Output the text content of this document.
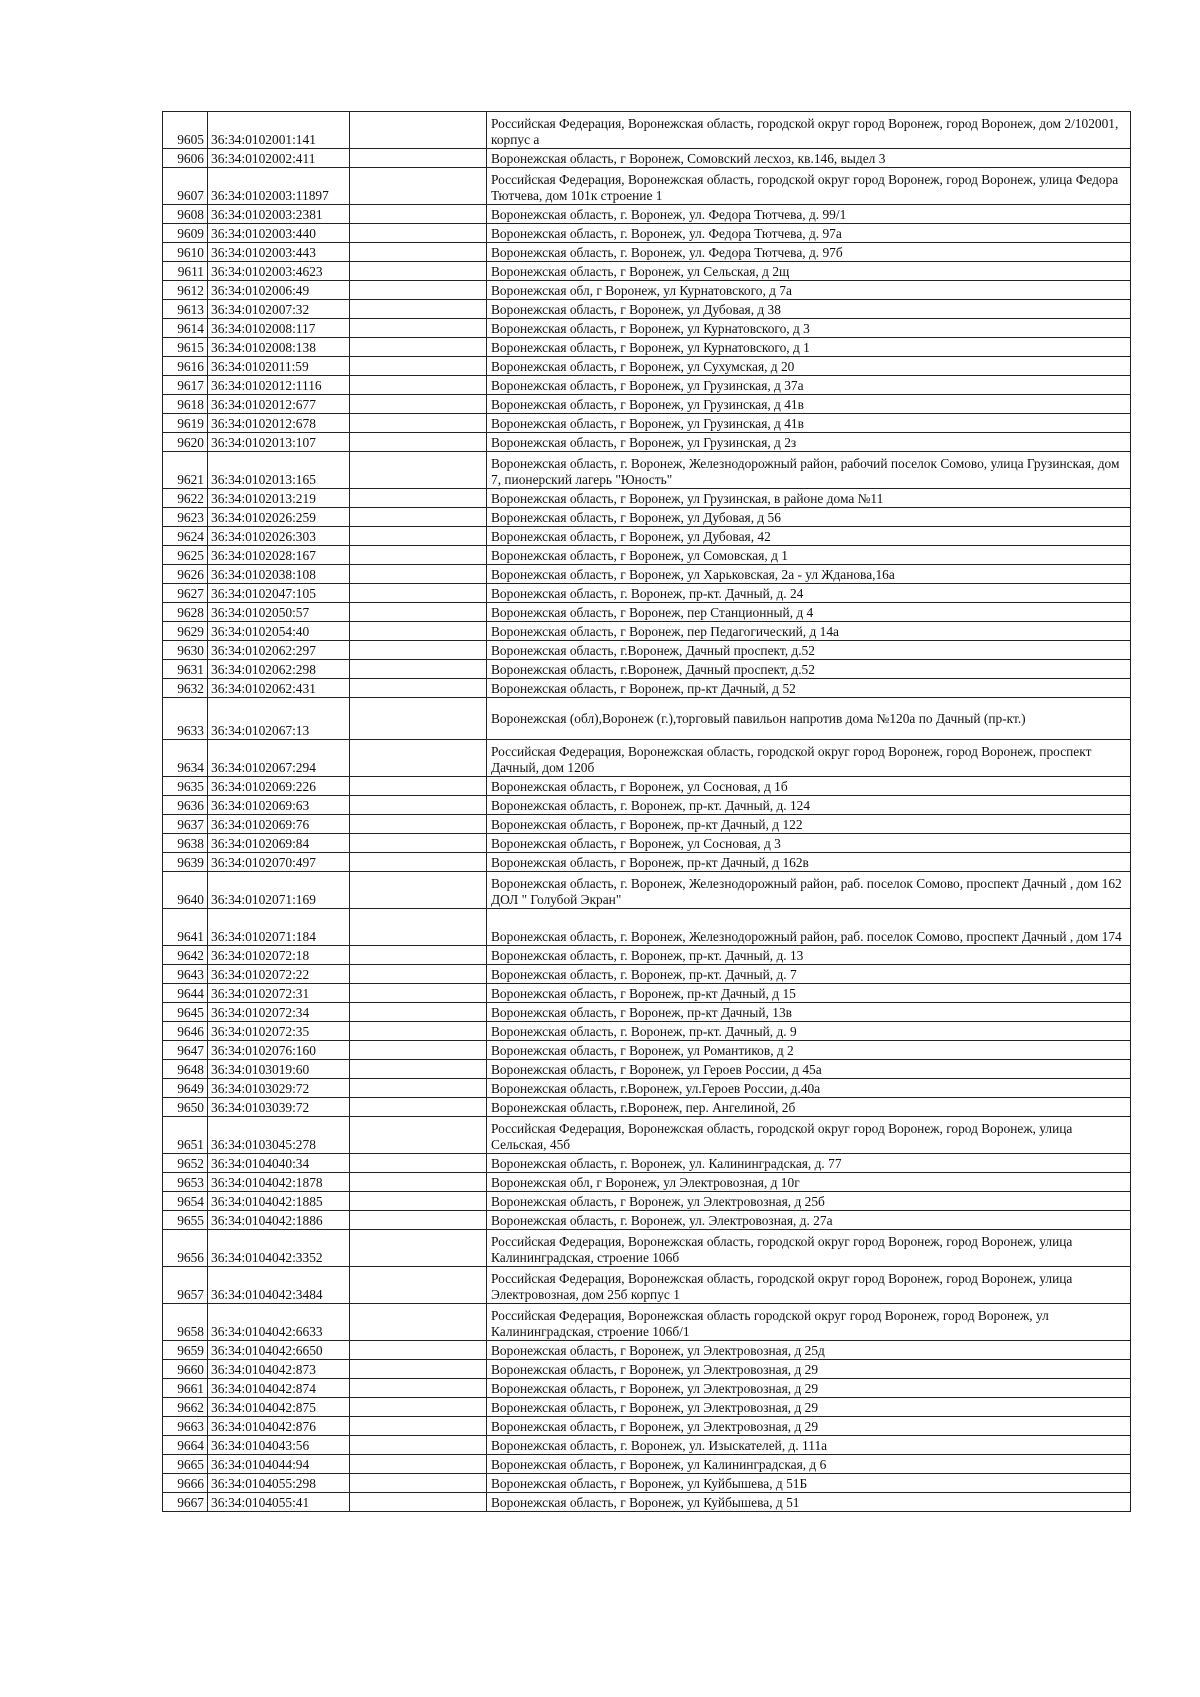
9605	36:34:0102001:141		Российская Федерация, Воронежская область, городской округ город Воронеж, город Воронеж, дом 2/102001, корпус а
9606	36:34:0102002:411		Воронежская область, г Воронеж, Сомовский лесхоз, кв.146, выдел 3
9607	36:34:0102003:11897		Российская Федерация, Воронежская область, городской округ город Воронеж, город Воронеж, улица Федора Тютчева, дом 101к строение 1
9608	36:34:0102003:2381		Воронежская область, г. Воронеж, ул. Федора Тютчева, д. 99/1
9609	36:34:0102003:440		Воронежская область, г. Воронеж, ул. Федора Тютчева, д. 97а
9610	36:34:0102003:443		Воронежская область, г. Воронеж, ул. Федора Тютчева, д. 97б
9611	36:34:0102003:4623		Воронежская область, г Воронеж, ул Сельская, д 2щ
9612	36:34:0102006:49		Воронежская обл, г Воронеж, ул Курнатовского, д 7а
9613	36:34:0102007:32		Воронежская область, г Воронеж, ул Дубовая, д 38
9614	36:34:0102008:117		Воронежская область, г Воронеж, ул Курнатовского, д 3
9615	36:34:0102008:138		Воронежская область, г Воронеж, ул Курнатовского, д 1
9616	36:34:0102011:59		Воронежская область, г Воронеж, ул Сухумская, д 20
9617	36:34:0102012:1116		Воронежская область, г Воронеж, ул Грузинская, д 37а
9618	36:34:0102012:677		Воронежская область, г Воронеж, ул Грузинская, д 41в
9619	36:34:0102012:678		Воронежская область, г Воронеж, ул Грузинская, д 41в
9620	36:34:0102013:107		Воронежская область, г Воронеж, ул Грузинская, д 2з
9621	36:34:0102013:165		Воронежская область, г. Воронеж, Железнодорожный район, рабочий поселок Сомово, улица Грузинская, дом 7, пионерский лагерь "Юность"
9622	36:34:0102013:219		Воронежская область, г Воронеж, ул Грузинская, в районе дома №11
9623	36:34:0102026:259		Воронежская область, г Воронеж, ул Дубовая, д 56
9624	36:34:0102026:303		Воронежская область, г Воронеж, ул Дубовая, 42
9625	36:34:0102028:167		Воронежская область, г Воронеж, ул Сомовская, д 1
9626	36:34:0102038:108		Воронежская область, г Воронеж, ул Харьковская, 2а - ул Жданова,16а
9627	36:34:0102047:105		Воронежская область, г. Воронеж, пр-кт. Дачный, д. 24
9628	36:34:0102050:57		Воронежская область, г Воронеж, пер Станционный, д 4
9629	36:34:0102054:40		Воронежская область, г Воронеж, пер Педагогический, д 14а
9630	36:34:0102062:297		Воронежская область, г.Воронеж, Дачный проспект, д.52
9631	36:34:0102062:298		Воронежская область, г.Воронеж, Дачный проспект, д.52
9632	36:34:0102062:431		Воронежская область, г Воронеж, пр-кт Дачный, д 52
9633	36:34:0102067:13		Воронежская (обл),Воронеж (г.),торговый павильон напротив дома №120а по Дачный (пр-кт.)
9634	36:34:0102067:294		Российская Федерация, Воронежская область, городской округ город Воронеж, город Воронеж, проспект Дачный, дом 120б
9635	36:34:0102069:226		Воронежская область, г Воронеж, ул Сосновая, д 1б
9636	36:34:0102069:63		Воронежская область, г. Воронеж, пр-кт. Дачный, д. 124
9637	36:34:0102069:76		Воронежская область, г Воронеж, пр-кт Дачный, д 122
9638	36:34:0102069:84		Воронежская область, г Воронеж, ул Сосновая, д 3
9639	36:34:0102070:497		Воронежская область, г Воронеж, пр-кт Дачный, д 162в
9640	36:34:0102071:169		Воронежская область, г. Воронеж, Железнодорожный район, раб. поселок Сомово, проспект Дачный , дом 162 ДОЛ " Голубой Экран"
9641	36:34:0102071:184		Воронежская область, г. Воронеж, Железнодорожный район, раб. поселок Сомово, проспект Дачный , дом 174
9642	36:34:0102072:18		Воронежская область, г. Воронеж, пр-кт. Дачный, д. 13
9643	36:34:0102072:22		Воронежская область, г. Воронеж, пр-кт. Дачный, д. 7
9644	36:34:0102072:31		Воронежская область, г Воронеж, пр-кт Дачный, д 15
9645	36:34:0102072:34		Воронежская область, г Воронеж, пр-кт Дачный, 13в
9646	36:34:0102072:35		Воронежская область, г. Воронеж, пр-кт. Дачный, д. 9
9647	36:34:0102076:160		Воронежская область, г Воронеж, ул Романтиков, д 2
9648	36:34:0103019:60		Воронежская область, г Воронеж, ул Героев России, д 45а
9649	36:34:0103029:72		Воронежская область, г.Воронеж, ул.Героев России, д.40а
9650	36:34:0103039:72		Воронежская область, г.Воронеж, пер. Ангелиной, 2б
9651	36:34:0103045:278		Российская Федерация, Воронежская область, городской округ город Воронеж, город Воронеж, улица Сельская, 45б
9652	36:34:0104040:34		Воронежская область, г. Воронеж, ул. Калининградская, д. 77
9653	36:34:0104042:1878		Воронежская обл, г Воронеж, ул Электровозная, д 10г
9654	36:34:0104042:1885		Воронежская область, г Воронеж, ул Электровозная, д 25б
9655	36:34:0104042:1886		Воронежская область, г. Воронеж, ул. Электровозная, д. 27а
9656	36:34:0104042:3352		Российская Федерация, Воронежская область, городской округ город Воронеж, город Воронеж, улица Калининградская, строение 106б
9657	36:34:0104042:3484		Российская Федерация, Воронежская область, городской округ город Воронеж, город Воронеж, улица Электровозная, дом 25б корпус 1
9658	36:34:0104042:6633		Российская Федерация, Воронежская область городской округ город Воронеж, город Воронеж, ул Калининградская, строение 106б/1
9659	36:34:0104042:6650		Воронежская область, г Воронеж, ул Электровозная, д 25д
9660	36:34:0104042:873		Воронежская область, г Воронеж, ул Электровозная, д 29
9661	36:34:0104042:874		Воронежская область, г Воронеж, ул Электровозная, д 29
9662	36:34:0104042:875		Воронежская область, г Воронеж, ул Электровозная, д 29
9663	36:34:0104042:876		Воронежская область, г Воронеж, ул Электровозная, д 29
9664	36:34:0104043:56		Воронежская область, г. Воронеж, ул. Изыскателей, д. 111а
9665	36:34:0104044:94		Воронежская область, г Воронеж, ул Калининградская, д 6
9666	36:34:0104055:298		Воронежская область, г Воронеж, ул Куйбышева, д 51Б
9667	36:34:0104055:41		Воронежская область, г Воронеж, ул Куйбышева, д 51
